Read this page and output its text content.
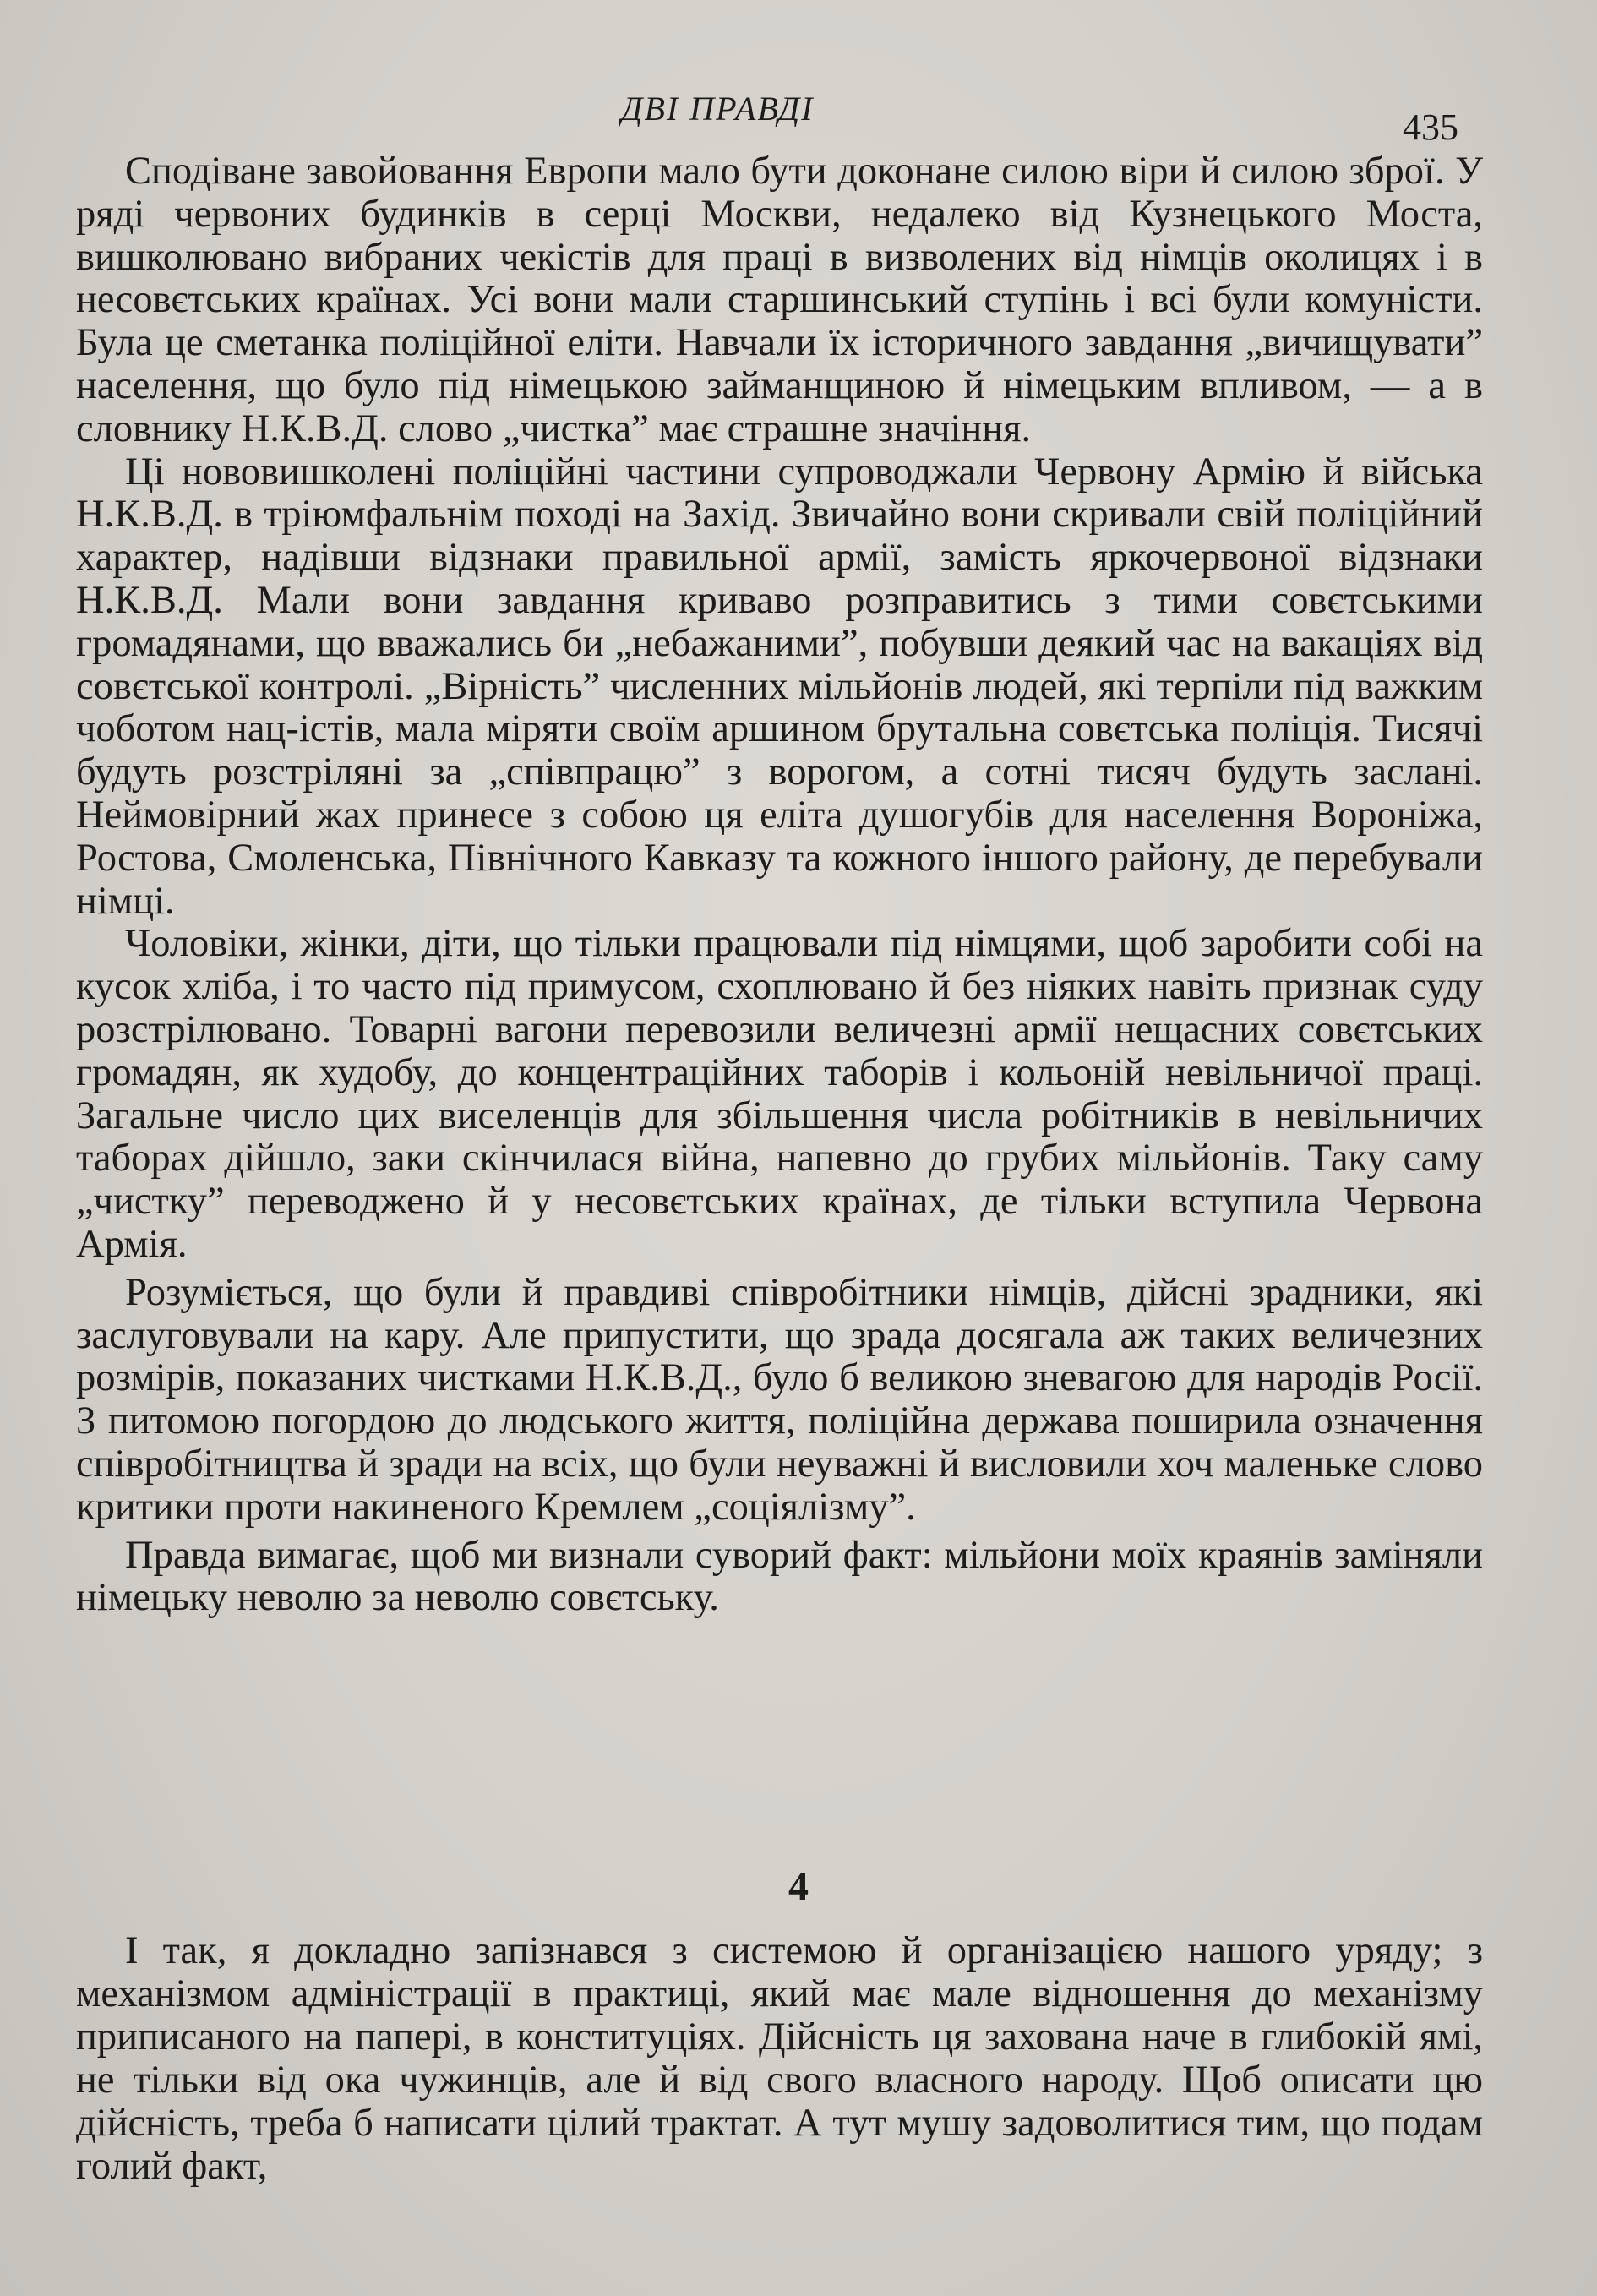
ДВІ ПРАВДІ	435

Сподіване завойовання Европи мало бути доконане силою віри й силою зброї. У ряді червоних будинків в серці Москви, недалеко від Кузнецького Моста, вишколювано вибраних чекістів для праці в визволених від німців околицях і в несовєтських краïнах. Усі вони мали старшинський ступінь і всі були комуністи. Була це сметанка поліційної еліти. Навчали їх історичного завдання „вичищувати” населення, що було під німецькою займанщиною й німецьким впливом, — а в словнику Н.К.В.Д. слово „чистка” має страшне значіння.

Ці нововишколені поліційні частини супроводжали Червону Армію й війська Н.К.В.Д. в тріюмфальнім поході на Захід. Звичайно вони скривали свій поліційний характер, надівши відзнаки правильної армії, замість яркочервоної відзнаки Н.К.В.Д. Мали вони завдання криваво розправитись з тими совєтськими громадянами, що вважались би „небажаними”, побувши деякий час на вакаціях від совєтської контролі. „Вірність” численних мільйонів людей, які терпіли під важким чоботом нац-істів, мала міряти своїм аршином брутальна совєтська поліція. Тисячі будуть розстріляні за „співпрацю” з ворогом, а сотні тисяч будуть заслані. Неймовірний жах принесе з собою ця еліта душогубів для населення Вороніжа, Ростова, Смоленська, Північного Кавказу та кожного іншого району, де перебували німці.

Чоловіки, жінки, діти, що тільки працювали під німцями, щоб заробити собі на кусок хліба, і то часто під примусом, схоплювано й без ніяких навіть признак суду розстрілювано. Товарні вагони перевозили величезні армії нещасних совєтських громадян, як худобу, до концентраційних таборів і кольоній невільничої праці. Загальне число цих виселенців для збільшення числа робітників в невільничих таборах дійшло, заки скінчилася війна, напевно до грубих мільйонів. Таку саму „чистку” переводжено й у несовєтських краïнах, де тільки вступила Червона Армія.

Розуміється, що були й правдиві співробітники німців, дійсні зрадники, які заслуговували на кару. Але припустити, що зрада досягала аж таких величезних розмірів, показаних чистками Н.К.В.Д., було б великою зневагою для народів Росії. З питомою погордою до людського життя, поліційна держава поширила означення співробітництва й зради на всіх, що були неуважні й висловили хоч маленьке слово критики проти накиненого Кремлем „соціялізму”.

Правда вимагає, щоб ми визнали суворий факт: мільйони моїх краянів заміняли німецьку неволю за неволю совєтську.

4

І так, я докладно запізнався з системою й організацією нашого уряду; з механізмом адміністрації в практиці, який має мале відношення до механізму приписаного на папері, в конституціях. Дійсність ця захована наче в глибокій ямі, не тільки від ока чужинців, але й від свого власного народу. Щоб описати цю дійсність, треба б написати цілий трактат. А тут мушу задоволитися тим, що подам голий факт,
